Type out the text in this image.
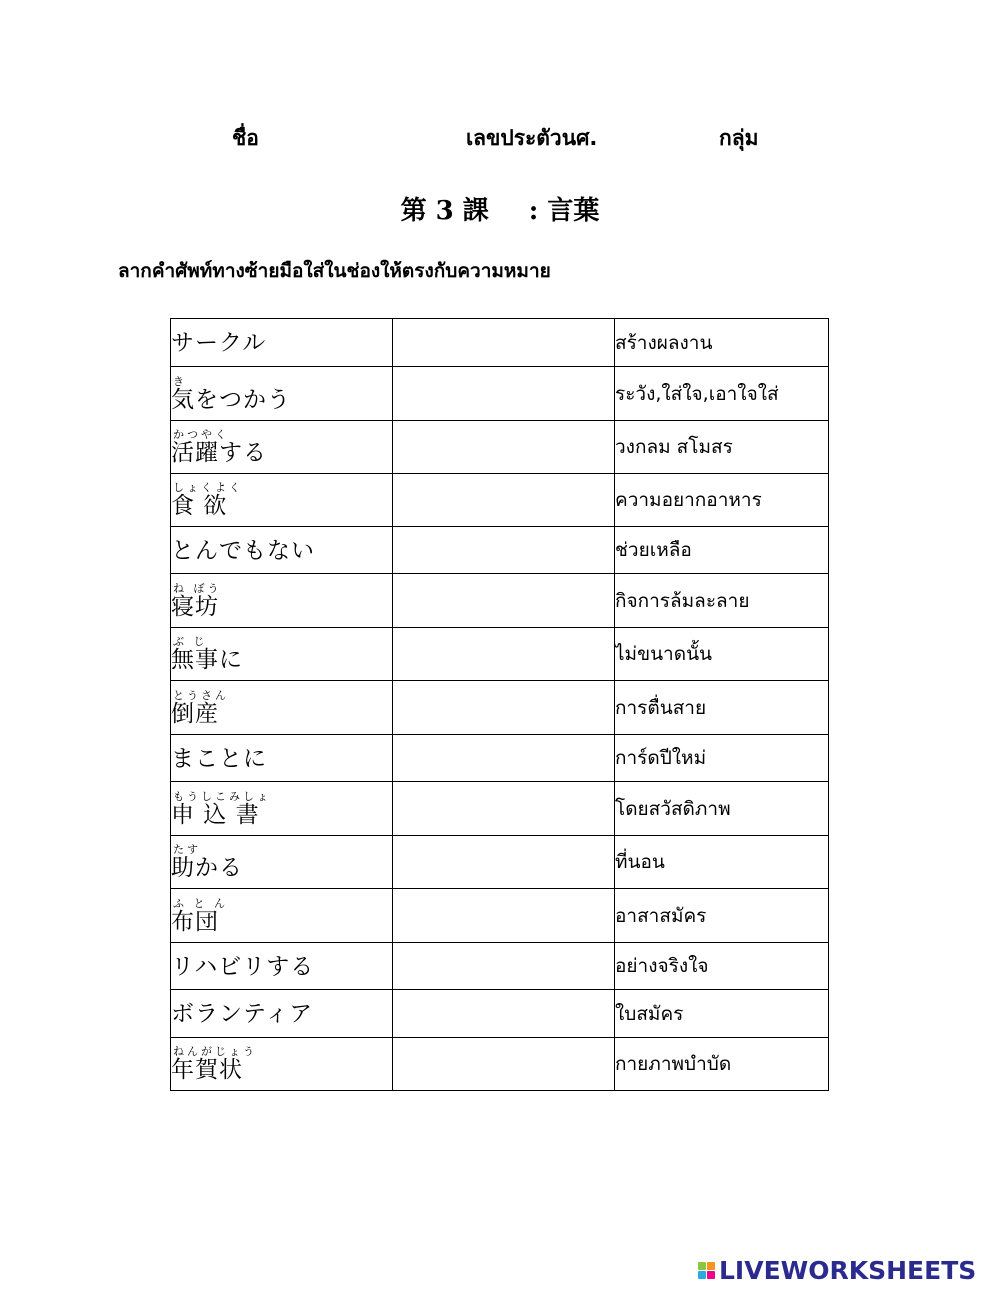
ชื่อ	เลขประตัวนศ.	กลุ่ม
第 3 課 : 言葉
ลากคำศัพท์ทางซ้ายมือใส่ในช่องให้ตรงกับความหมาย
サークル		สร้างผลงาน

き
気をつかう		ระวัง,ใส่ใจ,เอาใจใส่

かつやく
活躍する		วงกลม สโมสร

しょくよく
食 欲		ความอยากอาหาร

とんでもない		ช่วยเหลือ

ね ぼう
寝坊		กิจการล้มละลาย

ぶ じ
無事に		ไม่ขนาดนั้น

とうさん
倒産		การตื่นสาย

まことに		การ์ดปีใหม่

もうしこみしょ
申 込 書		โดยสวัสดิภาพ

たす
助かる		ที่นอน

ふ と ん
布団		อาสาสมัคร

リハビリする		อย่างจริงใจ

ボランティア		ใบสมัคร

ねんがじょう
年賀状		กายภาพบำบัด
LIVEWORKSHEETS
